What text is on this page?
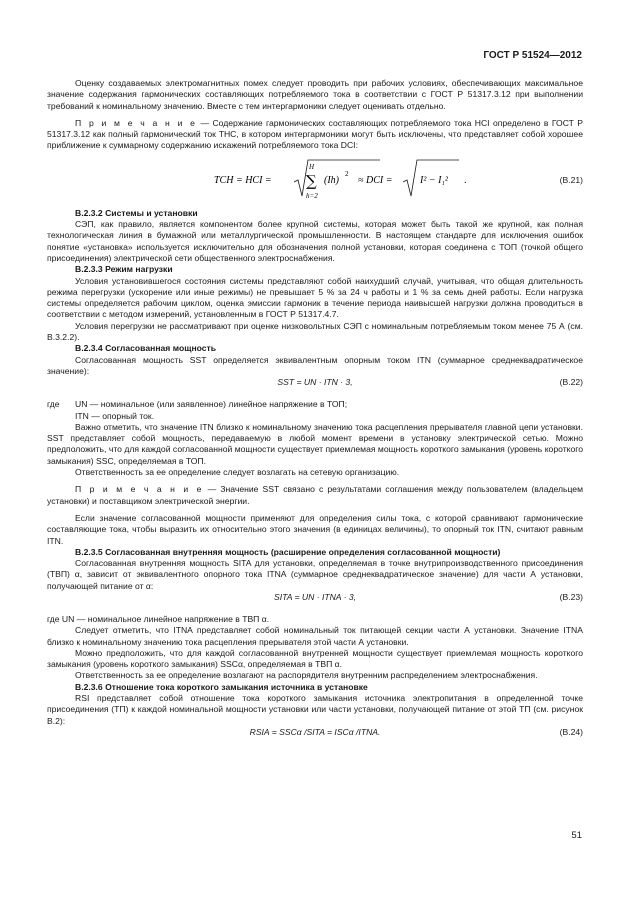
ГОСТ Р 51524—2012

Оценку создаваемых электромагнитных помех следует проводить при рабочих условиях, обеспечивающих максимальное значение содержания гармонических составляющих потребляемого тока в соответствии с ГОСТ Р 51317.3.12 при выполнении требований к номинальному значению. Вместе с тем интергармоники следует оценивать отдельно.

П р и м е ч а н и е — Содержание гармонических составляющих потребляемого тока HCI определено в ГОСТ Р 51317.3.12 как полный гармонический ток THC, в котором интергармоники могут быть исключены, что представляет собой хорошее приближение к суммарному содержанию искажений потребляемого тока DCI:

TCH = HCI =
H
∑
h=2
(Ih)
2
≈ DCI =	I² − I₁² .	(В.21)

В.2.3.2 Системы и установки

СЭП, как правило, является компонентом более крупной системы, которая может быть такой же крупной, как полная технологическая линия в бумажной или металлургической промышленности. В настоящем стандарте для исключения ошибок понятие «установка» используется исключительно для обозначения полной установки, которая соединена с ТОП (точкой общего присоединения) электрической сети общественного электроснабжения.

В.2.3.3 Режим нагрузки

Условия установившегося состояния системы представляют собой наихудший случай, учитывая, что общая длительность режима перегрузки (ускорение или иные режимы) не превышает 5 % за 24 ч работы и 1 % за семь дней работы. Если нагрузка системы определяется рабочим циклом, оценка эмиссии гармоник в течение периода наивысшей нагрузки должна проводиться в соответствии с методом измерений, установленным в ГОСТ Р 51317.4.7.

Условия перегрузки не рассматривают при оценке низковольтных СЭП с номинальным потребляемым током менее 75 А (см. В.3.2.2).

В.2.3.4 Согласованная мощность

Согласованная мощность SST определяется эквивалентным опорным током ITN (суммарное среднеквадратическое значение):

SST = UN · ITN · 3,	(В.22)
где	UN — номинальное (или заявленное) линейное напряжение в ТОП;
ITN — опорный ток.

Важно отметить, что значение ITN близко к номинальному значению тока расцепления прерывателя главной цепи установки. SST представляет собой мощность, передаваемую в любой момент времени в установку электрической сетью. Можно предположить, что для каждой согласованной мощности существует приемлемая мощность короткого замыкания (уровень короткого замыкания) SSC, определяемая в ТОП.

Ответственность за ее определение следует возлагать на сетевую организацию.

П р и м е ч а н и е — Значение SST связано с результатами соглашения между пользователем (владельцем установки) и поставщиком электрической энергии.

Если значение согласованной мощности применяют для определения силы тока, с которой сравнивают гармонические составляющие тока, чтобы выразить их относительно этого значения (в единицах величины), то опорный ток ITN, считают равным ITN.

В.2.3.5 Согласованная внутренняя мощность (расширение определения согласованной мощности)

Согласованная внутренняя мощность SITA для установки, определяемая в точке внутрипроизводственного присоединения (ТВП) α, зависит от эквивалентного опорного тока ITNA (суммарное среднеквадратическое значение) для части А установки, получающей питание от α:

SITA = UN · ITNA · 3,	(В.23)

где UN — номинальное линейное напряжение в ТВП α.

Следует отметить, что ITNA представляет собой номинальный ток питающей секции части А установки. Значение ITNA близко к номинальному значению тока расцепления прерывателя этой части А установки.

Можно предположить, что для каждой согласованной внутренней мощности существует приемлемая мощность короткого замыкания (уровень короткого замыкания) SSCα, определяемая в ТВП α.

Ответственность за ее определение возлагают на распорядителя внутренним распределением электроснабжения.

В.2.3.6 Отношение тока короткого замыкания источника в установке

RSI представляет собой отношение тока короткого замыкания источника электропитания в определенной точке присоединения (ТП) к каждой номинальной мощности установки или части установки, получающей питание от этой ТП (см. рисунок В.2):

RSIA = SSCα /SITA = ISCα /ITNA.	(В.24)
51
